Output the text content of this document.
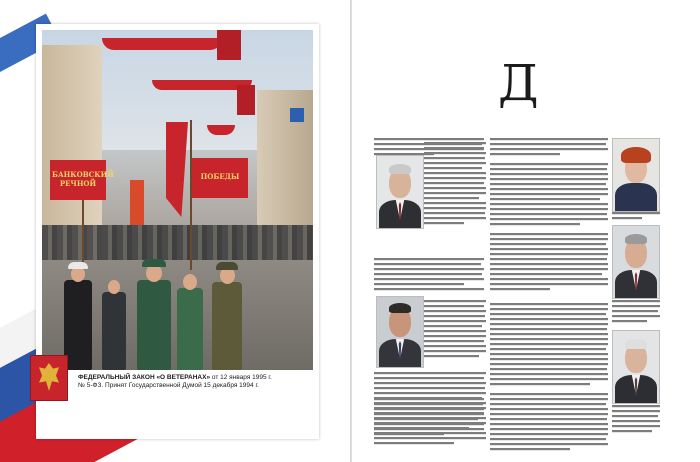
БАНКОВСКИЙ РЕЧНОЙ
ПОБЕДЫ
ФЕДЕРАЛЬНЫЙ ЗАКОН «О ВЕТЕРАНАХ» от 12 января 1995 г. № 5-ФЗ. Принят Государственной Думой 15 декабря 1994 г.
Д
